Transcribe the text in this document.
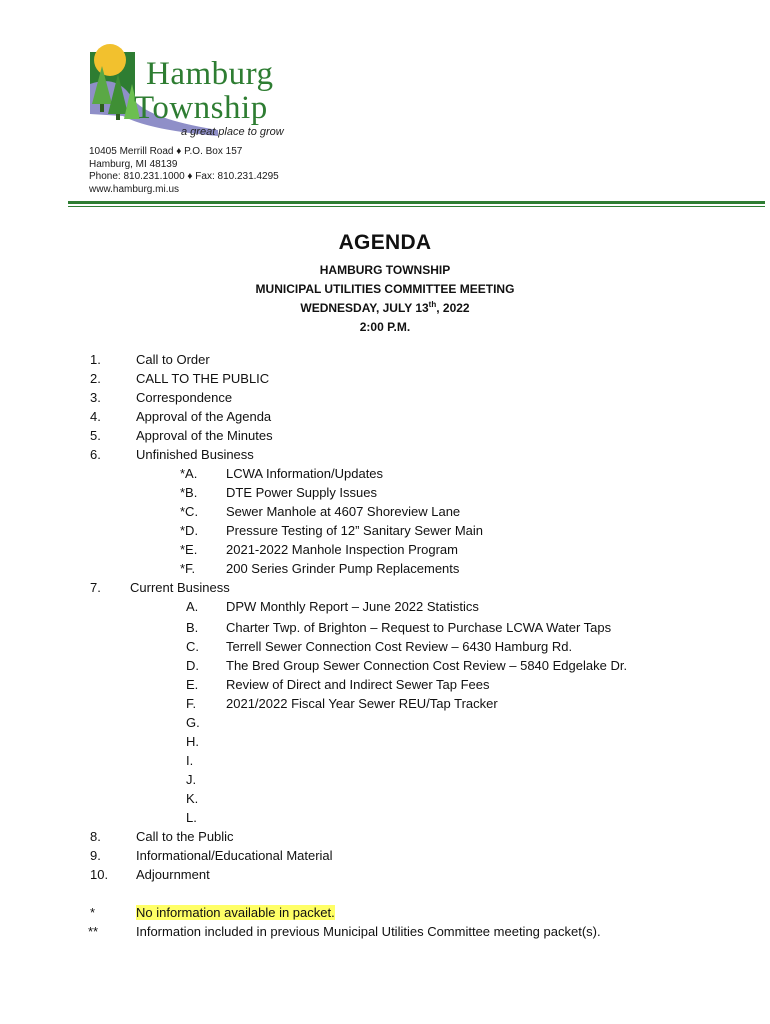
Hamburg
Township
a great place to grow
10405 Merrill Road ♦ P.O. Box 157
Hamburg, MI 48139
Phone: 810.231.1000 ♦ Fax: 810.231.4295
www.hamburg.mi.us
AGENDA
HAMBURG TOWNSHIP
MUNICIPAL UTILITIES COMMITTEE MEETING
WEDNESDAY, JULY 13th, 2022
2:00 P.M.
1.	Call to Order
2.	CALL TO THE PUBLIC
3.	Correspondence
4.	Approval of the Agenda
5.	Approval of the Minutes
6.	Unfinished Business
*A. LCWA Information/Updates
*B. DTE Power Supply Issues
*C. Sewer Manhole at 4607 Shoreview Lane
*D. Pressure Testing of 12” Sanitary Sewer Main
*E. 2021-2022 Manhole Inspection Program
*F. 200 Series Grinder Pump Replacements
7. Current Business
A. DPW Monthly Report – June 2022 Statistics
B. Charter Twp. of Brighton – Request to Purchase LCWA Water Taps
C. Terrell Sewer Connection Cost Review – 6430 Hamburg Rd.
D. The Bred Group Sewer Connection Cost Review – 5840 Edgelake Dr.
E. Review of Direct and Indirect Sewer Tap Fees
F. 2021/2022 Fiscal Year Sewer REU/Tap Tracker
G.
H.
I.
J.
K.
L.
8.	Call to the Public
9.	Informational/Educational Material
10. Adjournment
*	No information available in packet.
**	Information included in previous Municipal Utilities Committee meeting packet(s).
